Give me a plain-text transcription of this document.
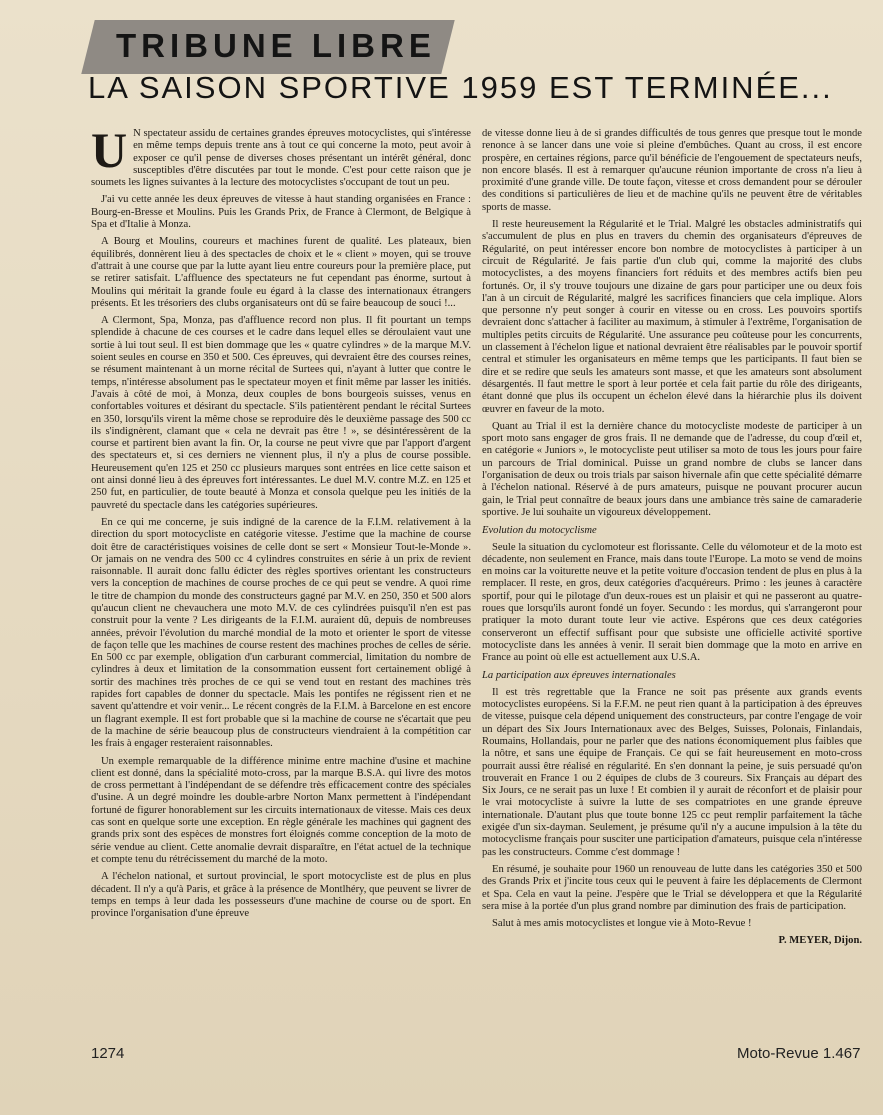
TRIBUNE LIBRE
LA SAISON SPORTIVE 1959 EST TERMINÉE...
U N spectateur assidu de certaines grandes épreuves motocyclistes, qui s'intéresse en même temps depuis trente ans à tout ce qui concerne la moto, peut avoir à exposer ce qu'il pense de diverses choses présentant un intérêt général, donc susceptibles d'être discutées par tout le monde. C'est pour cette raison que je soumets les lignes suivantes à la lecture des motocyclistes s'occupant de tout un peu.

J'ai vu cette année les deux épreuves de vitesse à haut standing organisées en France : Bourg-en-Bresse et Moulins. Puis les Grands Prix, de France à Clermont, de Belgique à Spa et d'Italie à Monza.

A Bourg et Moulins, coureurs et machines furent de qualité. Les plateaux, bien équilibrés, donnèrent lieu à des spectacles de choix et le « client » moyen, qui se trouve d'attrait à une course que par la lutte ayant lieu entre coureurs pour la première place, put se retirer satisfait. L'affluence des spectateurs ne fut cependant pas énorme, surtout à Moulins qui méritait la grande foule eu égard à la classe des internationaux étrangers présents. Et les trésoriers des clubs organisateurs ont dû se faire beaucoup de souci !...

A Clermont, Spa, Monza, pas d'affluence record non plus. Il fit pourtant un temps splendide à chacune de ces courses et le cadre dans lequel elles se déroulaient vaut une sortie à lui tout seul. Il est bien dommage que les « quatre cylindres » de la marque M.V. soient seules en course en 350 et 500. Ces épreuves, qui devraient être des courses reines, se résument maintenant à un morne récital de Surtees qui, n'ayant à lutter que contre le temps, n'intéresse absolument pas le spectateur moyen et finit même par lasser les initiés. J'avais à côté de moi, à Monza, deux couples de bons bourgeois suisses, venus en confortables voitures et désirant du spectacle. S'ils patientèrent pendant le récital Surtees en 350, lorsqu'ils virent la même chose se reproduire dès le deuxième passage des 500 cc ils s'indignèrent, clamant que « cela ne devrait pas être ! », se désintéressèrent de la course et partirent bien avant la fin. Or, la course ne peut vivre que par l'apport d'argent des spectateurs et, si ces derniers ne viennent plus, il n'y a plus de course possible. Heureusement qu'en 125 et 250 cc plusieurs marques sont entrées en lice cette saison et ont ainsi donné lieu à des épreuves fort intéressantes. Le duel M.V. contre M.Z. en 125 et 250 fut, en particulier, de toute beauté à Monza et consola quelque peu les initiés de la pauvreté du spectacle dans les catégories supérieures.

En ce qui me concerne, je suis indigné de la carence de la F.I.M. relativement à la direction du sport motocycliste en catégorie vitesse. J'estime que la machine de course doit être de caractéristiques voisines de celle dont se sert « Monsieur Tout-le-Monde ». Or jamais on ne vendra des 500 cc 4 cylindres construites en série à un prix de revient raisonnable. Il aurait donc fallu édicter des règles sportives orientant les constructeurs vers la conception de machines de course proches de ce qui peut se vendre. A quoi rime le titre de champion du monde des constructeurs gagné par M.V. en 250, 350 et 500 alors qu'aucun client ne chevauchera une moto M.V. de ces cylindrées puisqu'il n'en est pas construit pour la vente ? Les dirigeants de la F.I.M. auraient dû, depuis de nombreuses années, prévoir l'évolution du marché mondial de la moto et orienter le sport de vitesse de façon telle que les machines de course restent des machines proches de celles de série. En 500 cc par exemple, obligation d'un carburant commercial, limitation du nombre de cylindres à deux et limitation de la consommation eussent fort certainement obligé à sortir des machines très proches de ce qui se vend tout en restant des machines très rapides fort capables de donner du spectacle. Mais les pontifes ne régissent rien et ne savent qu'attendre et voir venir... Le récent congrès de la F.I.M. à Barcelone en est encore un flagrant exemple. Il est fort probable que si la machine de course ne s'écartait que peu de la machine de série beaucoup plus de constructeurs viendraient à la compétition car les frais à engager resteraient raisonnables.

Un exemple remarquable de la différence minime entre machine d'usine et machine client est donné, dans la spécialité moto-cross, par la marque B.S.A. qui livre des motos de cross permettant à l'indépendant de se défendre très efficacement contre des spéciales d'usine. A un degré moindre les double-arbre Norton Manx permettent à l'indépendant fortuné de figurer honorablement sur les circuits internationaux de vitesse. Mais ces deux cas sont en quelque sorte une exception. En règle générale les machines qui gagnent des grands prix sont des espèces de monstres fort éloignés comme conception de la moto de série vendue au client. Cette anomalie devrait disparaître, en l'état actuel de la technique et compte tenu du rétrécissement du marché de la moto.

A l'échelon national, et surtout provincial, le sport motocycliste est de plus en plus décadent. Il n'y a qu'à Paris, et grâce à la présence de Montlhéry, que peuvent se livrer de temps en temps à leur dada les possesseurs d'une machine de course ou de sport. En province l'organisation d'une épreuve

de vitesse donne lieu à de si grandes difficultés de tous genres que presque tout le monde renonce à se lancer dans une voie si pleine d'embûches. Quant au cross, il est encore prospère, en certaines régions, parce qu'il bénéficie de l'engouement de spectateurs neufs, non encore blasés. Il est à remarquer qu'aucune réunion importante de cross n'a lieu à proximité d'une grande ville. De toute façon, vitesse et cross demandent pour se dérouler des conditions si particulières de lieu et de machine qu'ils ne peuvent être de véritables sports de masse.

Il reste heureusement la Régularité et le Trial. Malgré les obstacles administratifs qui s'accumulent de plus en plus en travers du chemin des organisateurs d'épreuves de Régularité, on peut intéresser encore bon nombre de motocyclistes à participer à un circuit de Régularité. Je fais partie d'un club qui, comme la majorité des clubs motocyclistes, a des moyens financiers fort réduits et des membres actifs bien peu fortunés. Or, il s'y trouve toujours une dizaine de gars pour participer une ou deux fois l'an à un circuit de Régularité, malgré les sacrifices financiers que cela implique. Alors que personne n'y peut songer à courir en vitesse ou en cross. Les pouvoirs sportifs devraient donc s'attacher à faciliter au maximum, à stimuler à l'extrême, l'organisation de multiples petits circuits de Régularité. Une assurance peu coûteuse pour les concurrents, un classement à l'échelon ligue et national devraient être réalisables par le pouvoir sportif central et stimuler les organisateurs en même temps que les participants. Il faut bien se dire et se redire que seuls les amateurs sont masse, et que les amateurs sont absolument désargentés. Il faut mettre le sport à leur portée et cela fait partie du rôle des dirigeants, étant donné que plus ils occupent un échelon élevé dans la hiérarchie plus ils doivent œuvrer en faveur de la moto.

Quant au Trial il est la dernière chance du motocycliste modeste de participer à un sport moto sans engager de gros frais. Il ne demande que de l'adresse, du coup d'œil et, en catégorie « Juniors », le motocycliste peut utiliser sa moto de tous les jours pour faire un parcours de Trial dominical. Puisse un grand nombre de clubs se lancer dans l'organisation de deux ou trois trials par saison hivernale afin que cette spécialité démarre à l'échelon national. Réservé à de purs amateurs, puisque ne pouvant procurer aucun gain, le Trial peut connaître de beaux jours dans une ambiance très saine de camaraderie sportive. Je lui souhaite un vigoureux développement.

Evolution du motocyclisme

Seule la situation du cyclomoteur est florissante. Celle du vélomoteur et de la moto est décadente, non seulement en France, mais dans toute l'Europe. La moto se vend de moins en moins car la voiturette neuve et la petite voiture d'occasion tendent de plus en plus à la remplacer. Il reste, en gros, deux catégories d'acquéreurs. Primo : les jeunes à caractère sportif, pour qui le pilotage d'un deux-roues est un plaisir et qui ne passeront au quatre-roues que lorsqu'ils auront fondé un foyer. Secundo : les mordus, qui s'arrangeront pour pratiquer la moto durant toute leur vie active. Espérons que ces deux catégories conserveront un effectif suffisant pour que subsiste une officielle activité sportive motocycliste dans les années à venir. Il serait bien dommage que la moto en arrive en France au point où elle est actuellement aux U.S.A.

La participation aux épreuves internationales

Il est très regrettable que la France ne soit pas présente aux grands events motocyclistes européens. Si la F.F.M. ne peut rien quant à la participation à des épreuves de vitesse, puisque cela dépend uniquement des constructeurs, par contre l'engage de voir un départ des Six Jours Internationaux avec des Belges, Suisses, Polonais, Finlandais, Roumains, Hollandais, pour ne parler que des nations économiquement plus faibles que la nôtre, et sans une équipe de Français. Ce qui se fait heureusement en moto-cross pourrait aussi être réalisé en régularité. En s'en donnant la peine, je suis persuadé qu'on trouverait en France 1 ou 2 équipes de clubs de 3 coureurs. Six Français au départ des Six Jours, ce ne serait pas un luxe ! Et combien il y aurait de réconfort et de plaisir pour le vrai motocycliste à suivre la lutte de ses compatriotes en une grande épreuve internationale. D'autant plus que toute bonne 125 cc peut remplir parfaitement la tâche exigée d'un six-dayman. Seulement, je présume qu'il n'y a aucune impulsion à la tête du motocyclisme français pour susciter une participation d'amateurs, puisque cela n'intéresse pas les constructeurs. Comme c'est dommage !

En résumé, je souhaite pour 1960 un renouveau de lutte dans les catégories 350 et 500 des Grands Prix et j'incite tous ceux qui le peuvent à faire les déplacements de Clermont et Spa. Cela en vaut la peine. J'espère que le Trial se développera et que la Régularité sera mise à la portée d'un plus grand nombre par diminution des frais de participation.

Salut à mes amis motocyclistes et longue vie à Moto-Revue !

P. MEYER, Dijon.

1274	Moto-Revue 1.467
